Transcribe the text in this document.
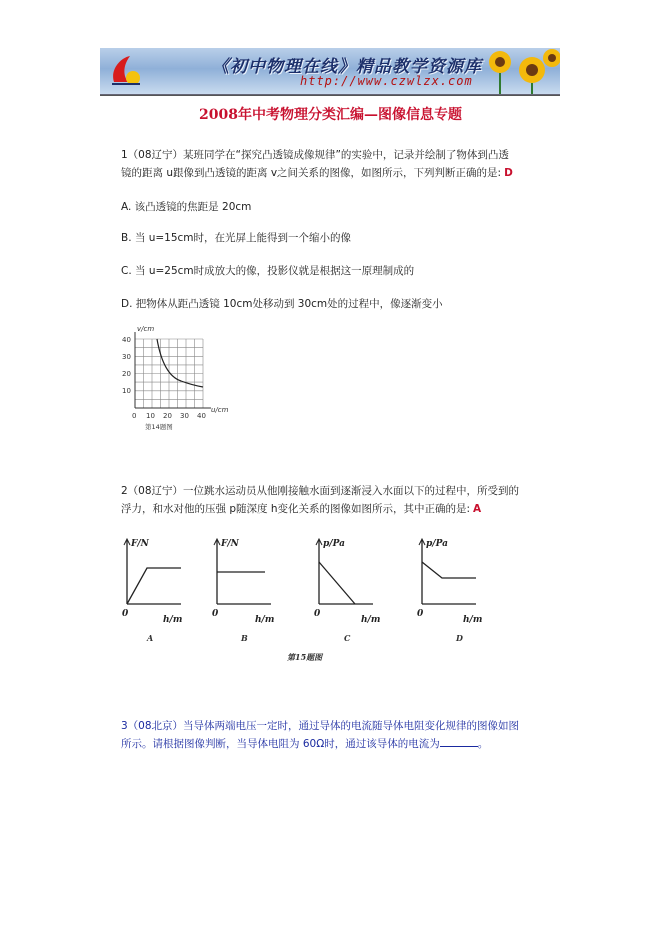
《初中物理在线》精品教学资源库
http://www.czwlzx.com
2008年中考物理分类汇编—图像信息专题
1（08辽宁）某班同学在“探究凸透镜成像规律”的实验中，记录并绘制了物体到凸透
镜的距离 u跟像到凸透镜的距离 v之间关系的图像，如图所示，下列判断正确的是: D
A. 该凸透镜的焦距是 20cm
B. 当 u=15cm时，在光屏上能得到一个缩小的像
C. 当 u=25cm时成放大的像，投影仪就是根据这一原理制成的
D. 把物体从距凸透镜 10cm处移动到 30cm处的过程中，像逐渐变小
v/cm
u/cm
40
30
20
10
0 10 20 30 40
第14题图
2（08辽宁）一位跳水运动员从他刚接触水面到逐渐浸入水面以下的过程中，所受到的
浮力，和水对他的压强 p随深度 h变化关系的图像如图所示，其中正确的是: A
F/N
h/m
0
A
F/N
h/m
0
B
p/Pa
h/m
0
C
p/Pa
h/m
0
D
第15题图
3（08北京）当导体两端电压一定时，通过导体的电流随导体电阻变化规律的图像如图
所示。请根据图像判断，当导体电阻为 60Ω时，通过该导体的电流为	。
